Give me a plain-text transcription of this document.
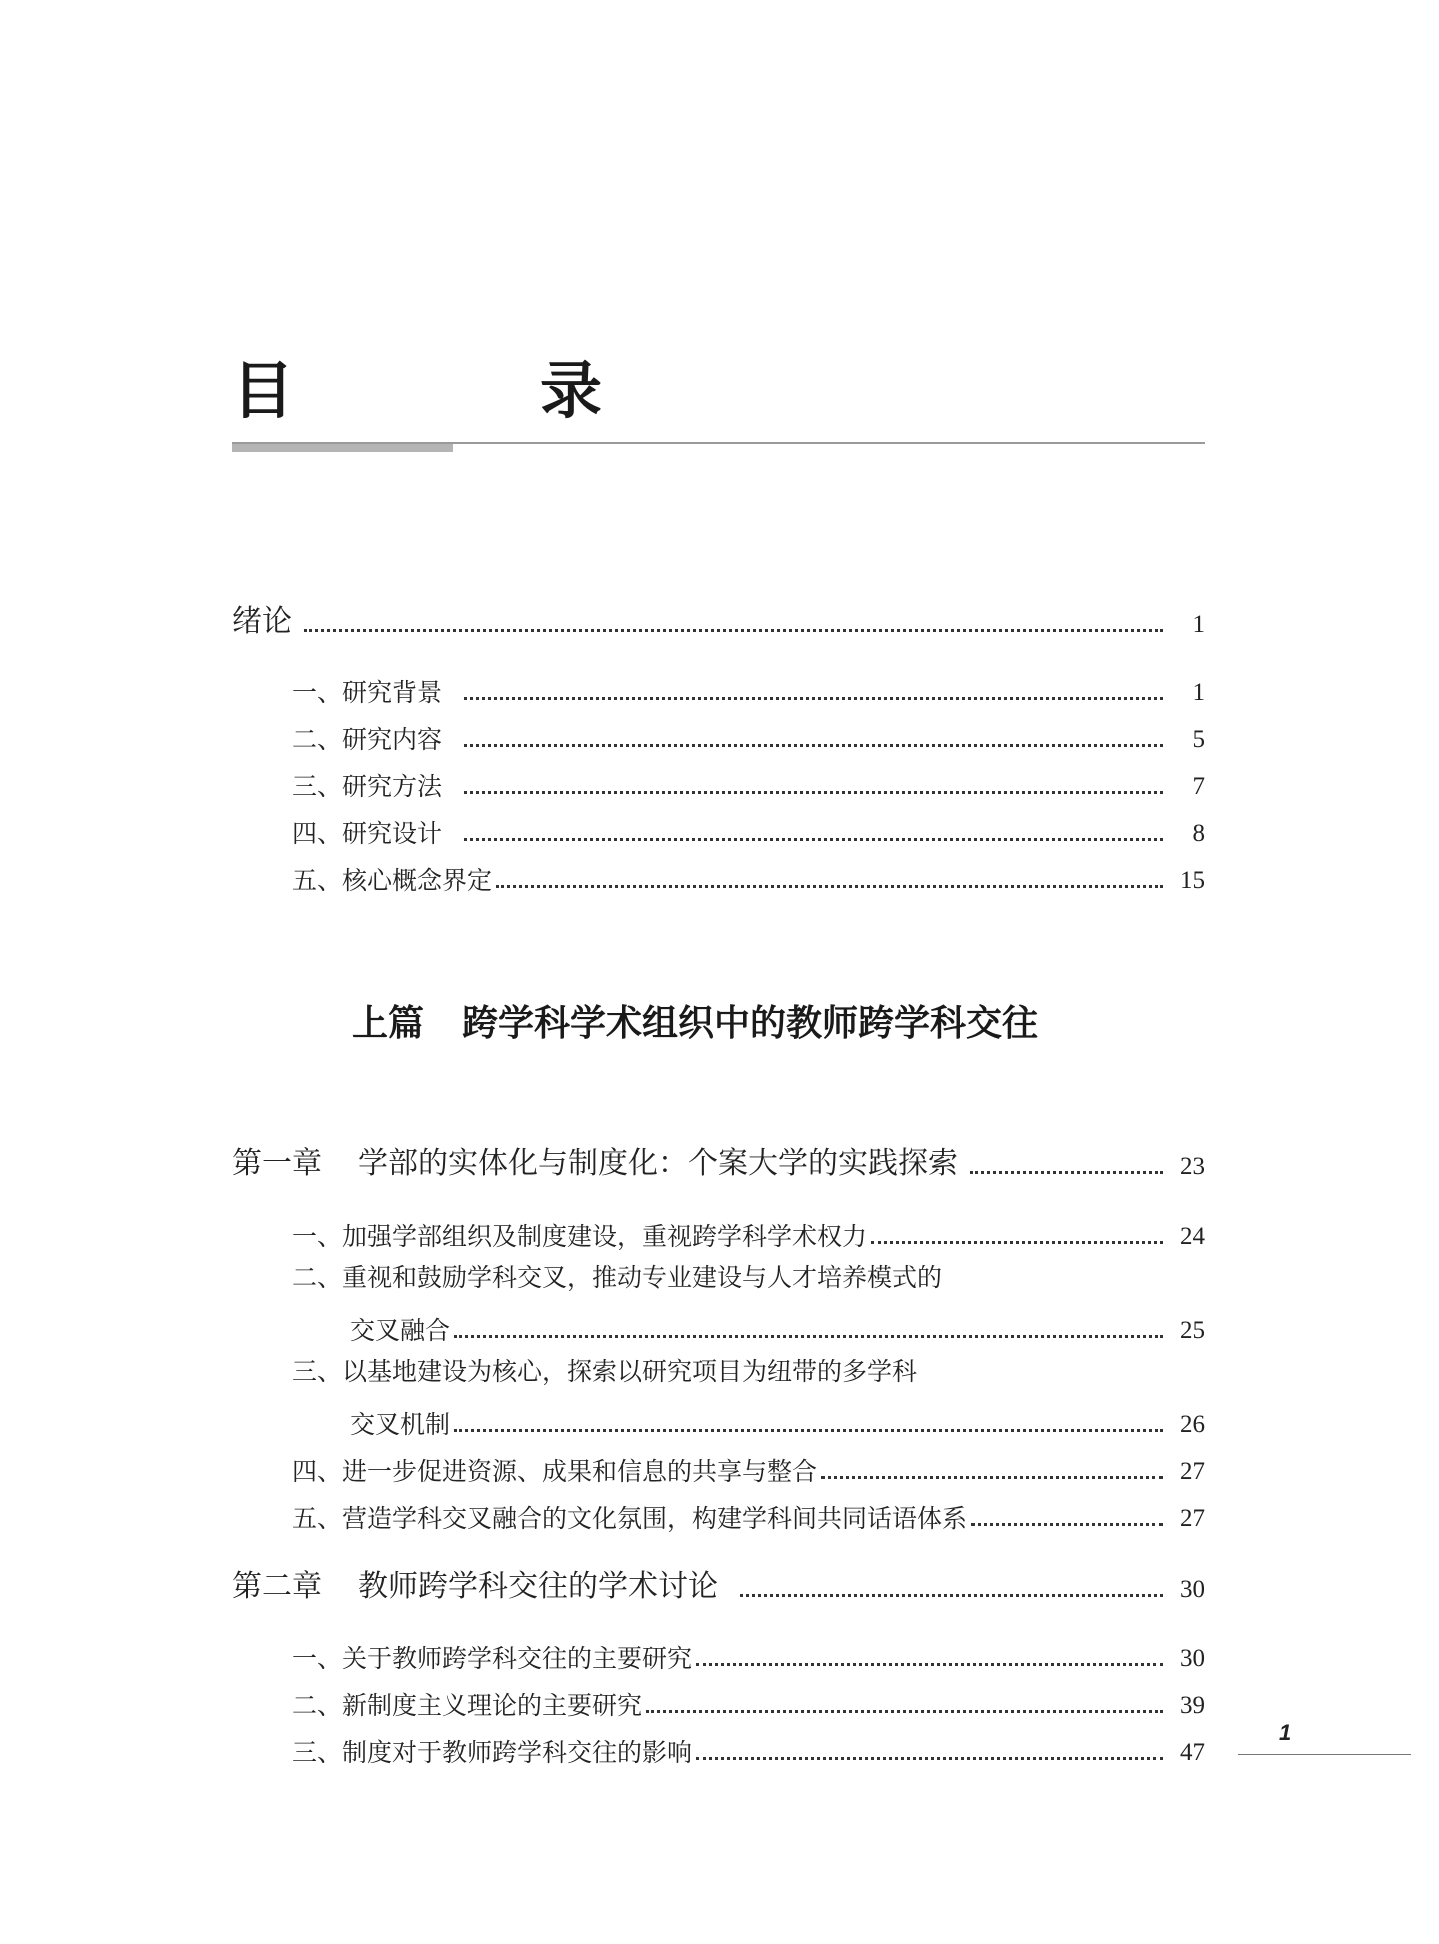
目　录
绪论	1
一、研究背景	1
二、研究内容	5
三、研究方法	7
四、研究设计	8
五、核心概念界定	15
上篇 跨学科学术组织中的教师跨学科交往
第一章 学部的实体化与制度化：个案大学的实践探索	23
一、加强学部组织及制度建设，重视跨学科学术权力	24
二、重视和鼓励学科交叉，推动专业建设与人才培养模式的
交叉融合	25
三、以基地建设为核心，探索以研究项目为纽带的多学科
交叉机制	26
四、进一步促进资源、成果和信息的共享与整合	27
五、营造学科交叉融合的文化氛围，构建学科间共同话语体系	27
第二章 教师跨学科交往的学术讨论	30
一、关于教师跨学科交往的主要研究	30
二、新制度主义理论的主要研究	39
三、制度对于教师跨学科交往的影响	47
1
